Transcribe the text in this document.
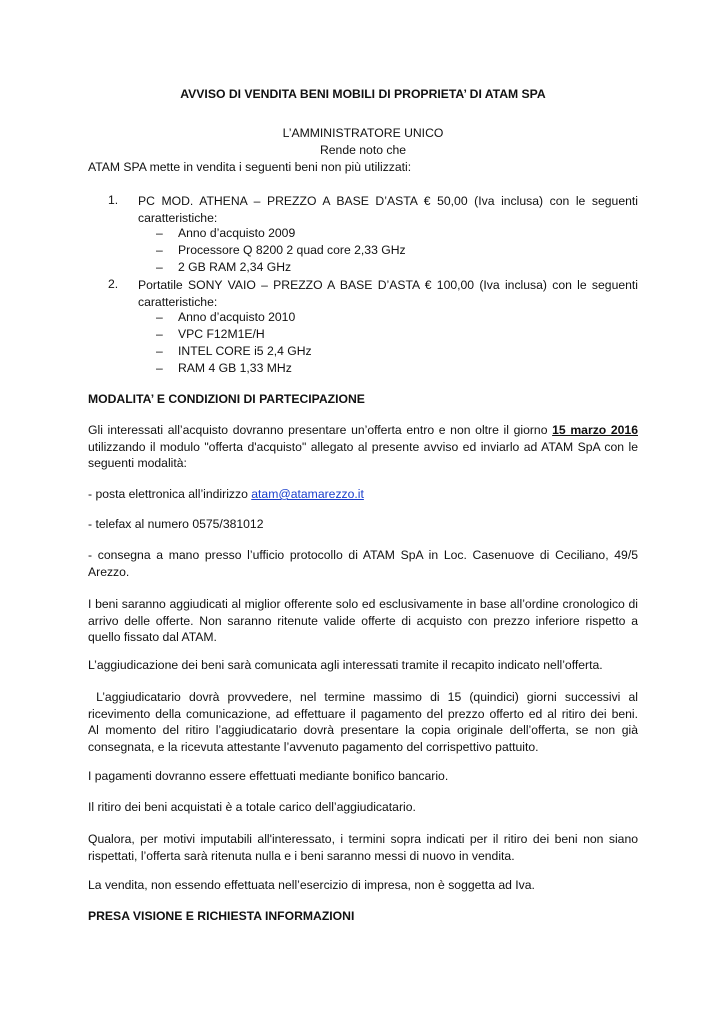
AVVISO DI VENDITA BENI MOBILI DI PROPRIETA’ DI ATAM SPA
L’AMMINISTRATORE UNICO
Rende noto che
ATAM SPA mette in vendita i seguenti beni non più utilizzati:
1. PC MOD. ATHENA – PREZZO A BASE D’ASTA € 50,00 (Iva inclusa) con le seguenti
caratteristiche:
– Anno d’acquisto 2009
– Processore Q 8200 2 quad core 2,33 GHz
– 2 GB RAM 2,34 GHz
2. Portatile SONY VAIO – PREZZO A BASE D’ASTA € 100,00 (Iva inclusa) con le seguenti
caratteristiche:
– Anno d’acquisto 2010
– VPC F12M1E/H
– INTEL CORE i5 2,4 GHz
– RAM 4 GB 1,33 MHz
MODALITA’ E CONDIZIONI DI PARTECIPAZIONE
Gli interessati all’acquisto dovranno presentare un’offerta entro e non oltre il giorno 15 marzo 2016
utilizzando il modulo "offerta d'acquisto" allegato al presente avviso ed inviarlo ad ATAM SpA con le
seguenti modalità:
- posta elettronica all’indirizzo atam@atamarezzo.it
- telefax al numero 0575/381012
- consegna a mano presso l’ufficio protocollo di ATAM SpA in Loc. Casenuove di Ceciliano, 49/5
Arezzo.
I beni saranno aggiudicati al miglior offerente solo ed esclusivamente in base all’ordine cronologico di
arrivo delle offerte. Non saranno ritenute valide offerte di acquisto con prezzo inferiore rispetto a
quello fissato dal ATAM.
L’aggiudicazione dei beni sarà comunicata agli interessati tramite il recapito indicato nell’offerta.
L’aggiudicatario dovrà provvedere, nel termine massimo di 15 (quindici) giorni successivi al
ricevimento della comunicazione, ad effettuare il pagamento del prezzo offerto ed al ritiro dei beni.
Al momento del ritiro l’aggiudicatario dovrà presentare la copia originale dell’offerta, se non già
consegnata, e la ricevuta attestante l’avvenuto pagamento del corrispettivo pattuito.
I pagamenti dovranno essere effettuati mediante bonifico bancario.
Il ritiro dei beni acquistati è a totale carico dell’aggiudicatario.
Qualora, per motivi imputabili all'interessato, i termini sopra indicati per il ritiro dei beni non siano
rispettati, l’offerta sarà ritenuta nulla e i beni saranno messi di nuovo in vendita.
La vendita, non essendo effettuata nell’esercizio di impresa, non è soggetta ad Iva.
PRESA VISIONE E RICHIESTA INFORMAZIONI
